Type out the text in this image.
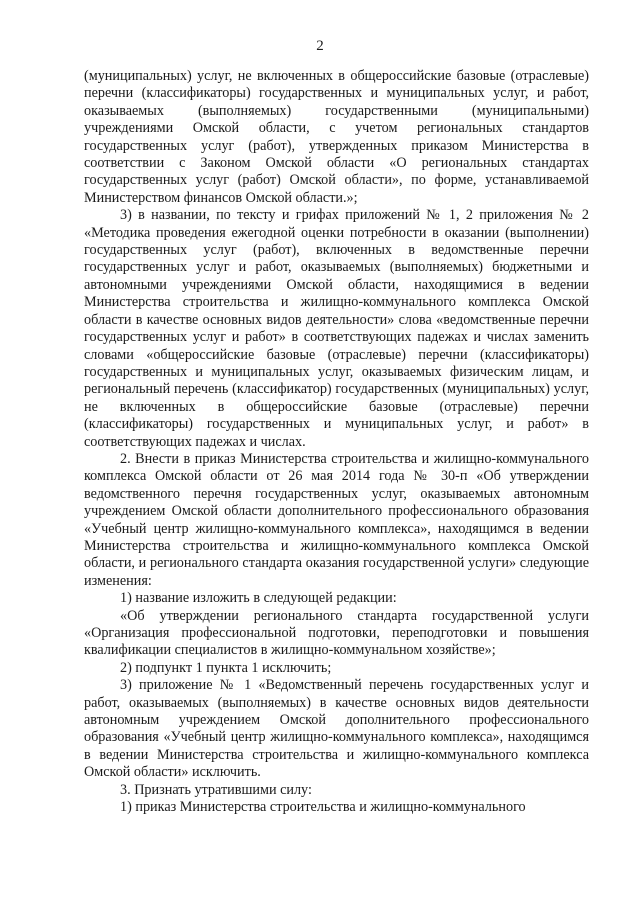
2

(муниципальных) услуг, не включенных в общероссийские базовые (отраслевые) перечни (классификаторы) государственных и муниципальных услуг, и работ, оказываемых (выполняемых) государственными (муниципальными) учреждениями Омской области, с учетом региональных стандартов государственных услуг (работ), утвержденных приказом Министерства в соответствии с Законом Омской области «О региональных стандартах государственных услуг (работ) Омской области», по форме, устанавливаемой Министерством финансов Омской области.»;

3) в названии, по тексту и грифах приложений № 1, 2 приложения № 2 «Методика проведения ежегодной оценки потребности в оказании (выполнении) государственных услуг (работ), включенных в ведомственные перечни государственных услуг и работ, оказываемых (выполняемых) бюджетными и автономными учреждениями Омской области, находящимися в ведении Министерства строительства и жилищно-коммунального комплекса Омской области в качестве основных видов деятельности» слова «ведомственные перечни государственных услуг и работ» в соответствующих падежах и числах заменить словами «общероссийские базовые (отраслевые) перечни (классификаторы) государственных и муниципальных услуг, оказываемых физическим лицам, и региональный перечень (классификатор) государственных (муниципальных) услуг, не включенных в общероссийские базовые (отраслевые) перечни (классификаторы) государственных и муниципальных услуг, и работ» в соответствующих падежах и числах.

2. Внести в приказ Министерства строительства и жилищно-коммунального комплекса Омской области от 26 мая 2014 года № 30-п «Об утверждении ведомственного перечня государственных услуг, оказываемых автономным учреждением Омской области дополнительного профессионального образования «Учебный центр жилищно-коммунального комплекса», находящимся в ведении Министерства строительства и жилищно-коммунального комплекса Омской области, и регионального стандарта оказания государственной услуги» следующие изменения:

1) название изложить в следующей редакции:

«Об утверждении регионального стандарта государственной услуги «Организация профессиональной подготовки, переподготовки и повышения квалификации специалистов в жилищно-коммунальном хозяйстве»;

2) подпункт 1 пункта 1 исключить;

3) приложение № 1 «Ведомственный перечень государственных услуг и работ, оказываемых (выполняемых) в качестве основных видов деятельности автономным учреждением Омской дополнительного профессионального образования «Учебный центр жилищно-коммунального комплекса», находящимся в ведении Министерства строительства и жилищно-коммунального комплекса Омской области» исключить.

3. Признать утратившими силу:

1) приказ Министерства строительства и жилищно-коммунального
